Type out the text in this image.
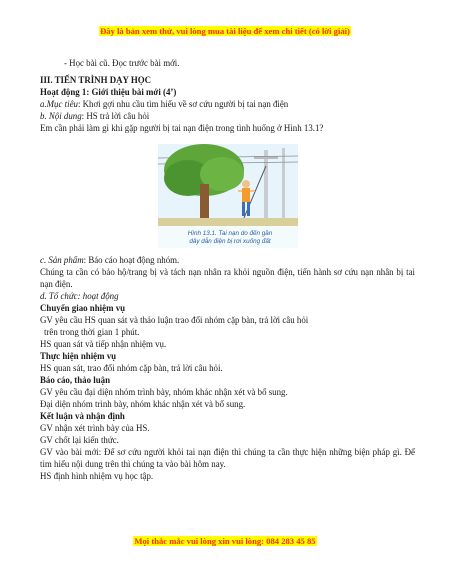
Đây là bản xem thử, vui lòng mua tài liệu để xem chi tiết (có lời giải)

- Học bài cũ. Đọc trước bài mới.

III. TIẾN TRÌNH DẠY HỌC

Hoạt động 1: Giới thiệu bài mới (4’)

a.Mục tiêu: Khơi gợi nhu cầu tìm hiểu về sơ cứu người bị tai nạn điện

b. Nội dung: HS trả lời câu hỏi

Em cần phải làm gì khi gặp người bị tai nạn điện trong tình huống ở Hình 13.1?

Hình 13.1. Tai nạn do đến gần
dây dẫn điện bị rơi xuống đất

c. Sản phẩm: Báo cáo hoạt động nhóm.

Chúng ta cần có bảo hộ/trang bị và tách nạn nhân ra khỏi nguồn điện, tiến hành sơ cứu nạn nhân bị tai nạn điện.

d. Tổ chức: hoạt động

Chuyển giao nhiệm vụ

GV yêu cầu HS quan sát và thảo luận trao đổi nhóm cặp bàn, trả lời câu hỏi

trên trong thời gian 1 phút.

HS quan sát và tiếp nhận nhiệm vụ.

Thực hiện nhiệm vụ

HS quan sát, trao đổi nhóm cặp bàn, trả lời câu hỏi.

Báo cáo, thảo luận

GV yêu cầu đại diện nhóm trình bày, nhóm khác nhận xét và bổ sung.

Đại diện nhóm trình bày, nhóm khác nhận xét và bổ sung.

Kết luận và nhận định

GV nhận xét trình bày của HS.

GV chốt lại kiến thức.

GV vào bài mới: Để sơ cứu người khỏi tai nạn điện thì chúng ta cần thực hiện những biện pháp gì. Để tìm hiểu nội dung trên thì chúng ta vào bài hôm nay.

HS định hình nhiệm vụ học tập.

Mọi thắc mắc vui lòng xin vui lòng: 084 283 45 85
